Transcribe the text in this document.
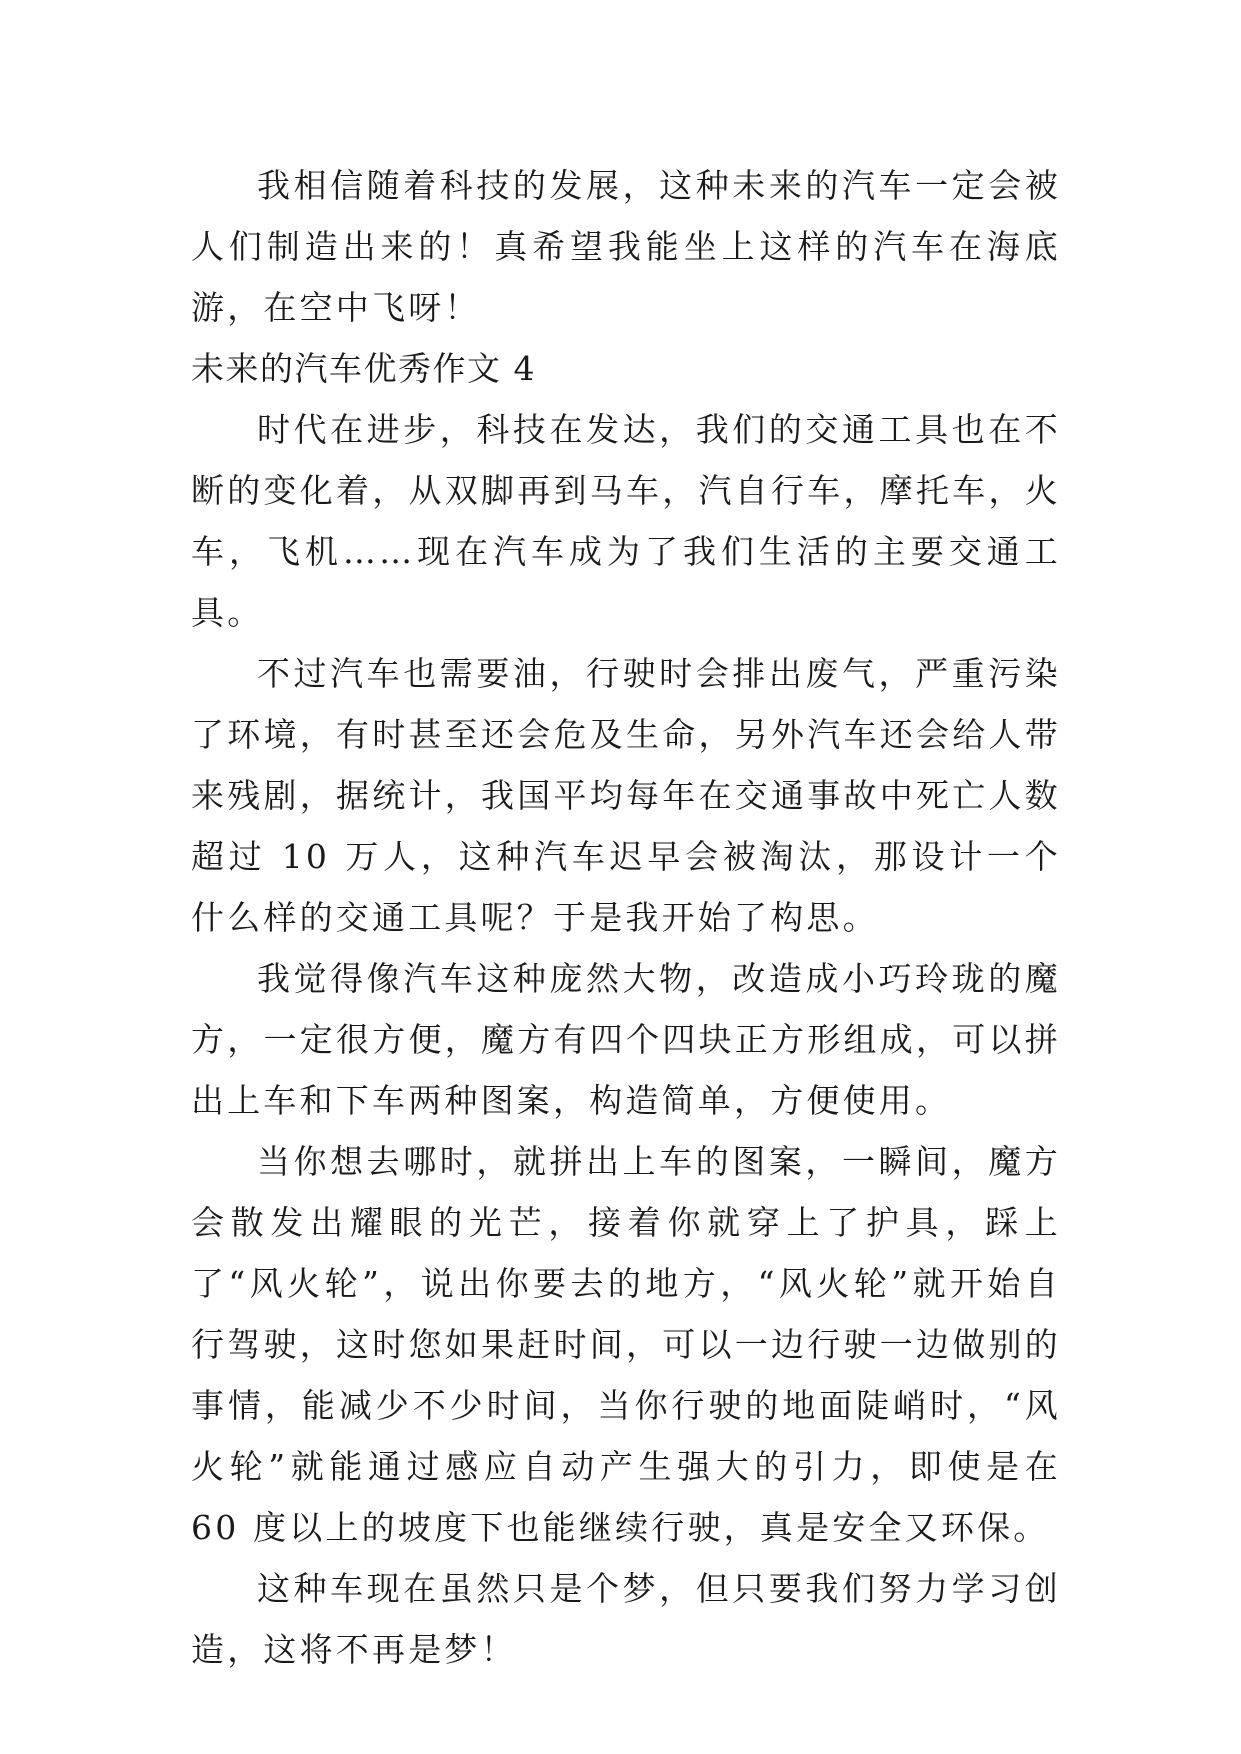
我相信随着科技的发展，这种未来的汽车一定会被人们制造出来的！真希望我能坐上这样的汽车在海底游，在空中飞呀！

未来的汽车优秀作文 4

时代在进步，科技在发达，我们的交通工具也在不断的变化着，从双脚再到马车，汽自行车，摩托车，火车，飞机……现在汽车成为了我们生活的主要交通工具。

不过汽车也需要油，行驶时会排出废气，严重污染了环境，有时甚至还会危及生命，另外汽车还会给人带来残剧，据统计，我国平均每年在交通事故中死亡人数超过 10 万人，这种汽车迟早会被淘汰，那设计一个什么样的交通工具呢？于是我开始了构思。

我觉得像汽车这种庞然大物，改造成小巧玲珑的魔方，一定很方便，魔方有四个四块正方形组成，可以拼出上车和下车两种图案，构造简单，方便使用。

当你想去哪时，就拼出上车的图案，一瞬间，魔方会散发出耀眼的光芒，接着你就穿上了护具，踩上了“风火轮”，说出你要去的地方，“风火轮”就开始自行驾驶，这时您如果赶时间，可以一边行驶一边做别的事情，能减少不少时间，当你行驶的地面陡峭时，“风火轮”就能通过感应自动产生强大的引力，即使是在 60 度以上的坡度下也能继续行驶，真是安全又环保。

这种车现在虽然只是个梦，但只要我们努力学习创造，这将不再是梦！
